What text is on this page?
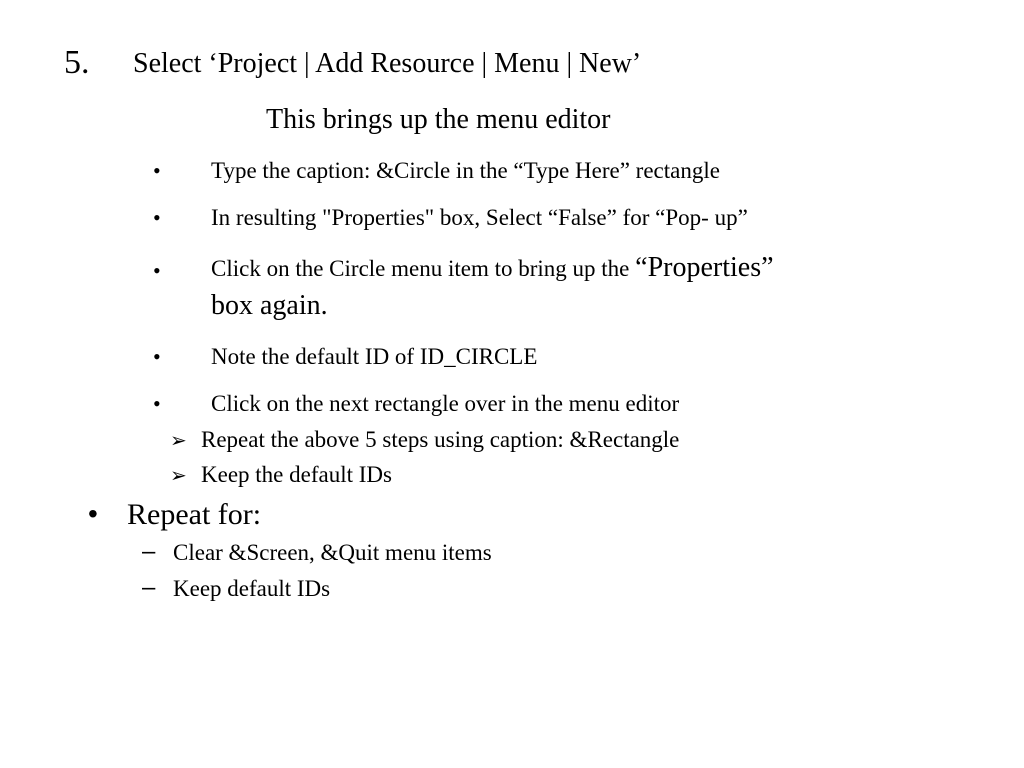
5. Select ‘Project | Add Resource | Menu | New’
This brings up the menu editor
• Type the caption: &Circle in the “Type Here” rectangle
• In resulting "Properties" box, Select “False” for “Pop- up”
• Click on the Circle menu item to bring up the “Properties”
box again.
• Note the default ID of ID_CIRCLE
• Click on the next rectangle over in the menu editor
➢ Repeat the above 5 steps using caption: &Rectangle
➢ Keep the default IDs
• Repeat for:
– Clear &Screen, &Quit menu items
– Keep default IDs
